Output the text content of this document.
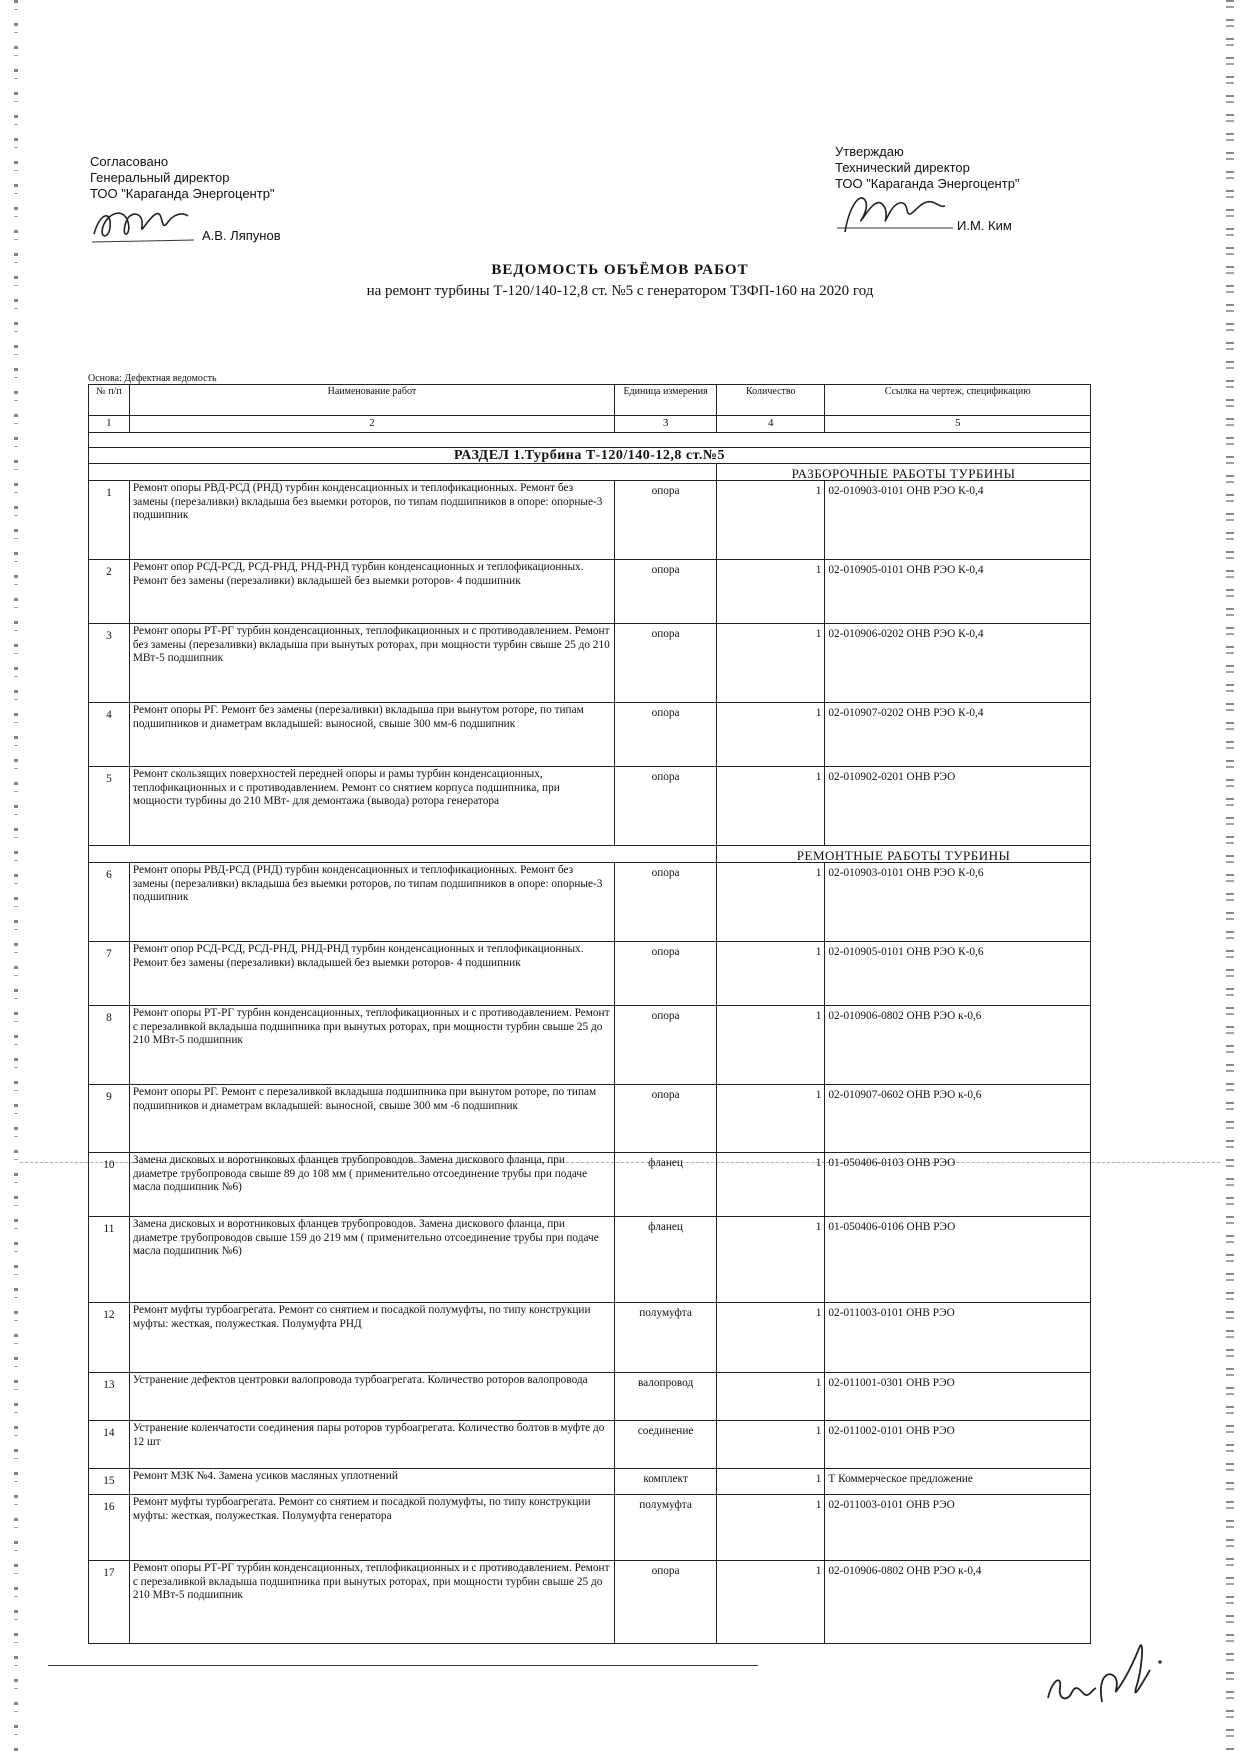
Согласовано
Генеральный директор
ТОО "Караганда Энергоцентр"
А.В. Ляпунов
Утверждаю
Технический директор
ТОО "Караганда Энергоцентр"
И.М. Ким
ВЕДОМОСТЬ ОБЪЁМОВ РАБОТ
на ремонт турбины Т-120/140-12,8 ст. №5 с генератором ТЗФП-160 на 2020 год
Основа: Дефектная ведомость
№ п/п	Наименование работ	Единица измерения	Количество	Ссылка на чертеж, спецификацию
1	2	3	4	5

РАЗДЕЛ 1.Турбина Т-120/140-12,8 ст.№5				
			РАЗБОРОЧНЫЕ РАБОТЫ ТУРБИНЫ	
1	Ремонт опоры РВД-РСД (РНД) турбин конденсационных и теплофикационных. Ремонт без замены (перезаливки) вкладыша без выемки роторов, по типам подшипников в опоре: опорные-3 подшипник	опора	1	02-010903-0101 ОНВ РЭО К-0,4
2	Ремонт опор РСД-РСД, РСД-РНД, РНД-РНД турбин конденсационных и теплофикационных. Ремонт без замены (перезаливки) вкладышей без выемки роторов- 4 подшипник	опора	1	02-010905-0101 ОНВ РЭО К-0,4
3	Ремонт опоры РТ-РГ турбин конденсационных, теплофикационных и с противодавлением. Ремонт без замены (перезаливки) вкладыша при вынутых роторах, при мощности турбин свыше 25 до 210 МВт-5 подшипник	опора	1	02-010906-0202 ОНВ РЭО К-0,4
4	Ремонт опоры РГ. Ремонт без замены (перезаливки) вкладыша при вынутом роторе, по типам подшипников и диаметрам вкладышей: выносной, свыше 300 мм-6 подшипник	опора	1	02-010907-0202 ОНВ РЭО К-0,4
5	Ремонт скользящих поверхностей передней опоры и рамы турбин конденсационных, теплофикационных и с противодавлением. Ремонт со снятием корпуса подшипника, при мощности турбины до 210 МВт- для демонтажа (вывода) ротора генератора	опора	1	02-010902-0201 ОНВ РЭО
			РЕМОНТНЫЕ РАБОТЫ ТУРБИНЫ	
6	Ремонт опоры РВД-РСД (РНД) турбин конденсационных и теплофикационных. Ремонт без замены (перезаливки) вкладыша без выемки роторов, по типам подшипников в опоре: опорные-3 подшипник	опора	1	02-010903-0101 ОНВ РЭО К-0,6
7	Ремонт опор РСД-РСД, РСД-РНД, РНД-РНД турбин конденсационных и теплофикационных. Ремонт без замены (перезаливки) вкладышей без выемки роторов- 4 подшипник	опора	1	02-010905-0101 ОНВ РЭО К-0,6
8	Ремонт опоры РТ-РГ турбин конденсационных, теплофикационных и с противодавлением. Ремонт с перезаливкой вкладыша подшипника при вынутых роторах, при мощности турбин свыше 25 до 210 МВт-5 подшипник	опора	1	02-010906-0802 ОНВ РЭО к-0,6
9	Ремонт опоры РГ. Ремонт с перезаливкой вкладыша подшипника при вынутом роторе, по типам подшипников и диаметрам вкладышей: выносной, свыше 300 мм -6 подшипник	опора	1	02-010907-0602 ОНВ РЭО к-0,6
10	Замена дисковых и воротниковых фланцев трубопроводов. Замена дискового фланца, при диаметре трубопровода свыше 89 до 108 мм ( применительно отсоединение трубы при подаче масла подшипник №6)	фланец	1	01-050406-0103 ОНВ РЭО
11	Замена дисковых и воротниковых фланцев трубопроводов. Замена дискового фланца, при диаметре трубопроводов свыше 159 до 219 мм ( применительно отсоединение трубы при подаче масла подшипник №6)	фланец	1	01-050406-0106 ОНВ РЭО
12	Ремонт муфты турбоагрегата. Ремонт со снятием и посадкой полумуфты, по типу конструкции муфты: жесткая, полужесткая. Полумуфта РНД	полумуфта	1	02-011003-0101 ОНВ РЭО
13	Устранение дефектов центровки валопровода турбоагрегата. Количество роторов валопровода	валопровод	1	02-011001-0301 ОНВ РЭО
14	Устранение коленчатости соединения пары роторов турбоагрегата. Количество болтов в муфте до 12 шт	соединение	1	02-011002-0101 ОНВ РЭО
15	Ремонт МЗК №4. Замена усиков масляных уплотнений	комплект	1	Т Коммерческое предложение
16	Ремонт муфты турбоагрегата. Ремонт со снятием и посадкой полумуфты, по типу конструкции муфты: жесткая, полужесткая. Полумуфта генератора	полумуфта	1	02-011003-0101 ОНВ РЭО
17	Ремонт опоры РТ-РГ турбин конденсационных, теплофикационных и с противодавлением. Ремонт с перезаливкой вкладыша подшипника при вынутых роторах, при мощности турбин свыше 25 до 210 МВт-5 подшипник	опора	1	02-010906-0802 ОНВ РЭО к-0,4
